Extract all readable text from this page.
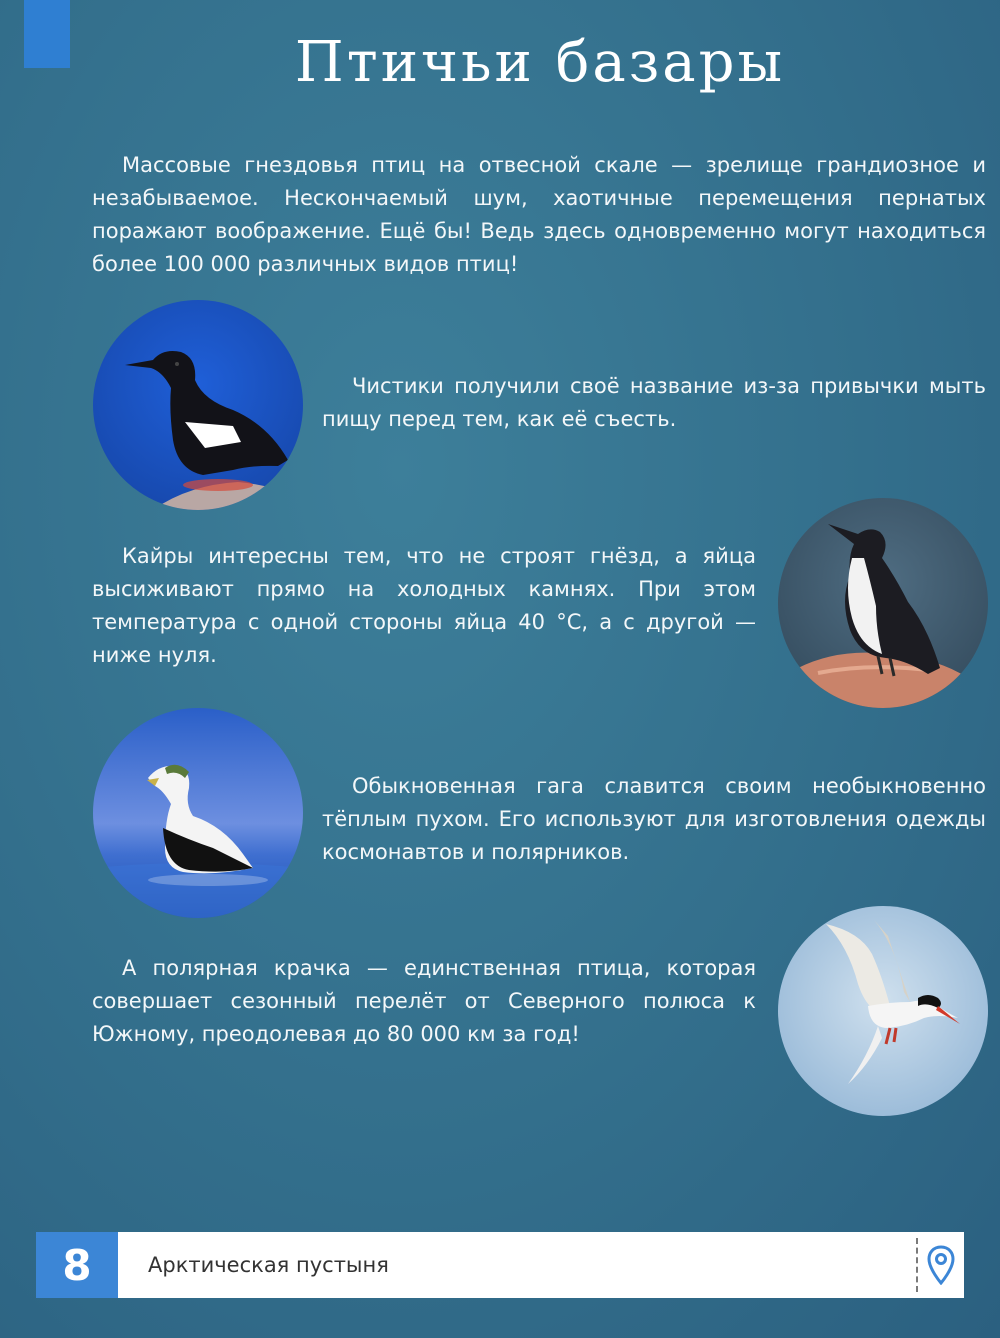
Птичьи базары

Массовые гнездовья птиц на отвесной скале — зрелище грандиозное и незабываемое. Нескончаемый шум, хаотичные перемещения пернатых поражают воображение. Ещё бы! Ведь здесь одновременно могут находиться более 100 000 различных видов птиц!

Чистики получили своё название из-за привычки мыть пищу перед тем, как её съесть.

Кайры интересны тем, что не строят гнёзд, а яйца высиживают прямо на холодных камнях. При этом температура с одной стороны яйца 40 °С, а с другой — ниже нуля.

Обыкновенная гага славится своим необыкновенно тёплым пухом. Его используют для изготовления одежды космонавтов и полярников.

А полярная крачка — единственная птица, которая совершает сезонный перелёт от Северного полюса к Южному, преодолевая до 80 000 км за год!

8	Арктическая пустыня
